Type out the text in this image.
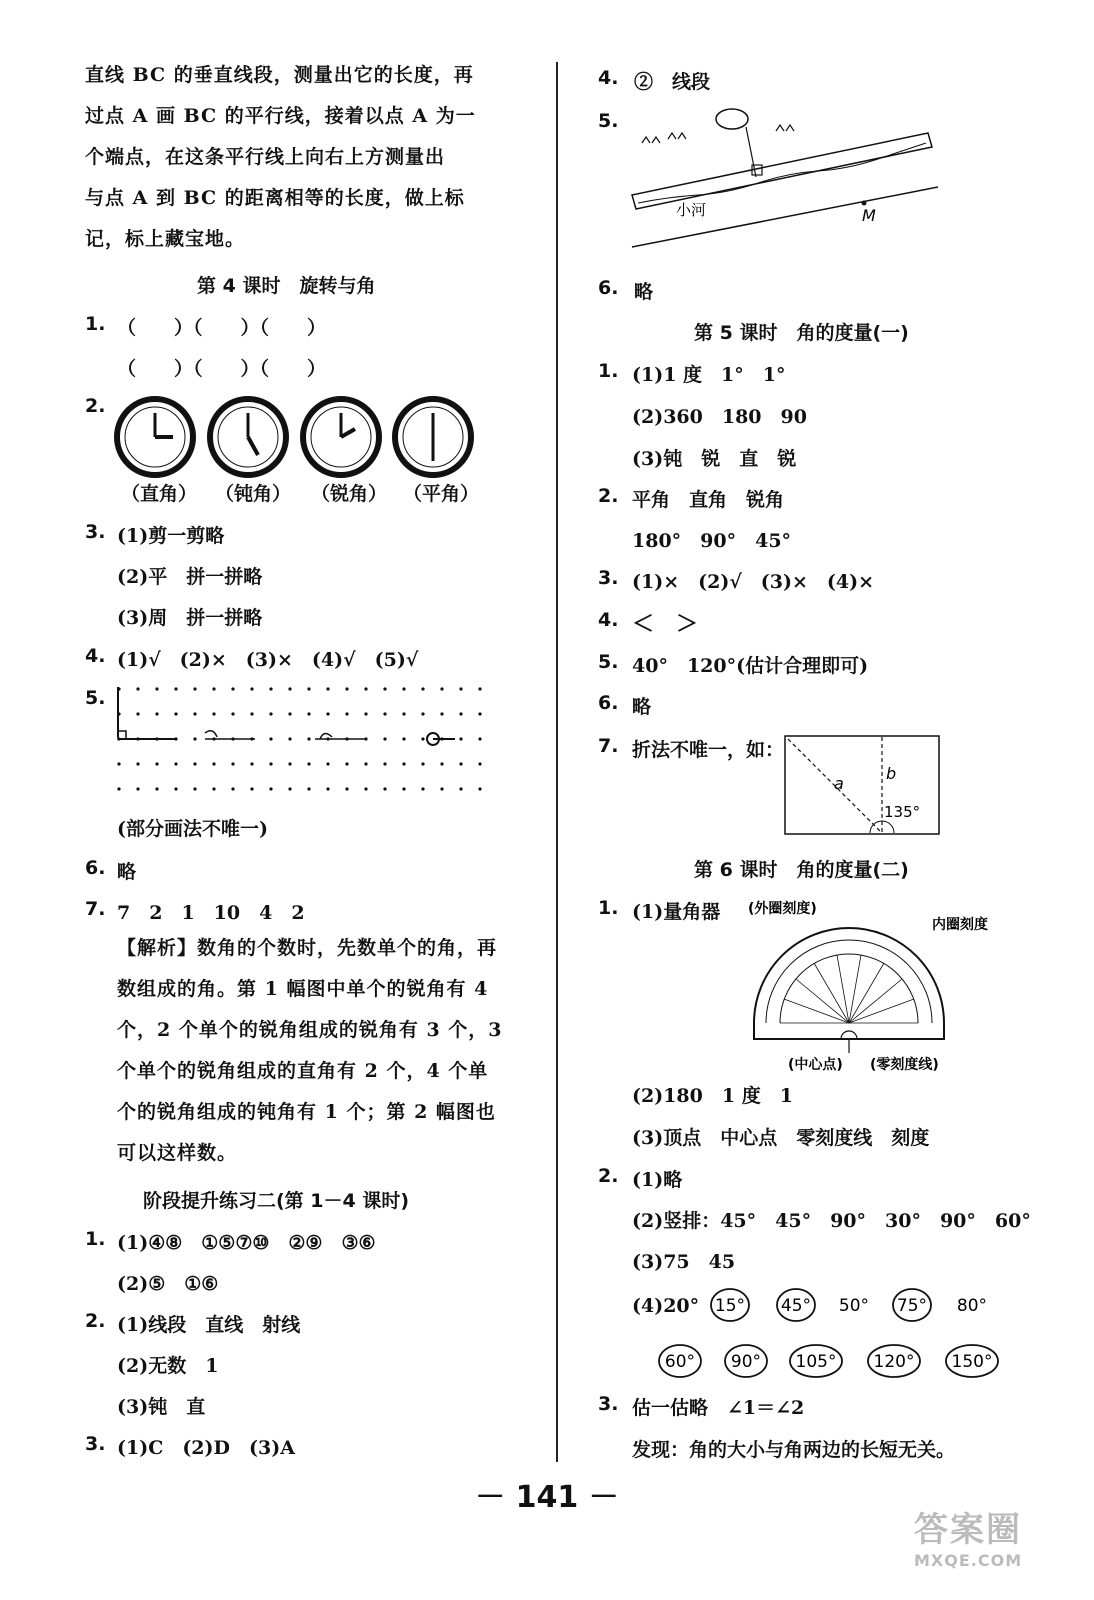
直线 BC 的垂直线段，测量出它的长度，再
过点 A 画 BC 的平行线，接着以点 A 为一
个端点，在这条平行线上向右上方测量出
与点 A 到 BC 的距离相等的长度，做上标
记，标上藏宝地。
第 4 课时　旋转与角
1. （　　）（　　）（　　）
（　　）（　　）（　　）
2.
（直角） （钝角） （锐角） （平角）
3. (1)剪一剪略
(2)平　拼一拼略
(3)周　拼一拼略
4. (1)√　(2)×　(3)×　(4)√　(5)√
5.
(部分画法不唯一)
6. 略
7. 7　2　1　10　4　2
【解析】数角的个数时，先数单个的角，再
数组成的角。第 1 幅图中单个的锐角有 4
个，2 个单个的锐角组成的锐角有 3 个，3
个单个的锐角组成的直角有 2 个，4 个单
个的锐角组成的钝角有 1 个；第 2 幅图也
可以这样数。
阶段提升练习二(第 1－4 课时)
1. (1)④⑧　①⑤⑦⑩　②⑨　③⑥
(2)⑤　①⑥
2. (1)线段　直线　射线
(2)无数　1
(3)钝　直
3. (1)C　(2)D　(3)A
4. ②　线段
5.
小河	M
6. 略
第 5 课时　角的度量(一)
1. (1)1 度　1°　1°
(2)360　180　90
(3)钝　锐　直　锐
2. 平角　直角　锐角
180°　90°　45°
3. (1)×　(2)√　(3)×　(4)×
4. ＜　＞
5. 40°　120°(估计合理即可)
6. 略
7. 折法不唯一，如：
a
b
135°
第 6 课时　角的度量(二)
1. (1)量角器 (外圈刻度)
内圈刻度
(中心点) (零刻度线)
(2)180　1 度　1
(3)顶点　中心点　零刻度线　刻度
2. (1)略
(2)竖排：45°　45°　90°　30°　90°　60°
(3)75　45
(4)20° 15° 45° 50° 75° 80°
60° 90° 105° 120° 150°
3. 估一估略　∠1＝∠2
发现：角的大小与角两边的长短无关。
－ 141 －
答案圈
MXQE.COM
